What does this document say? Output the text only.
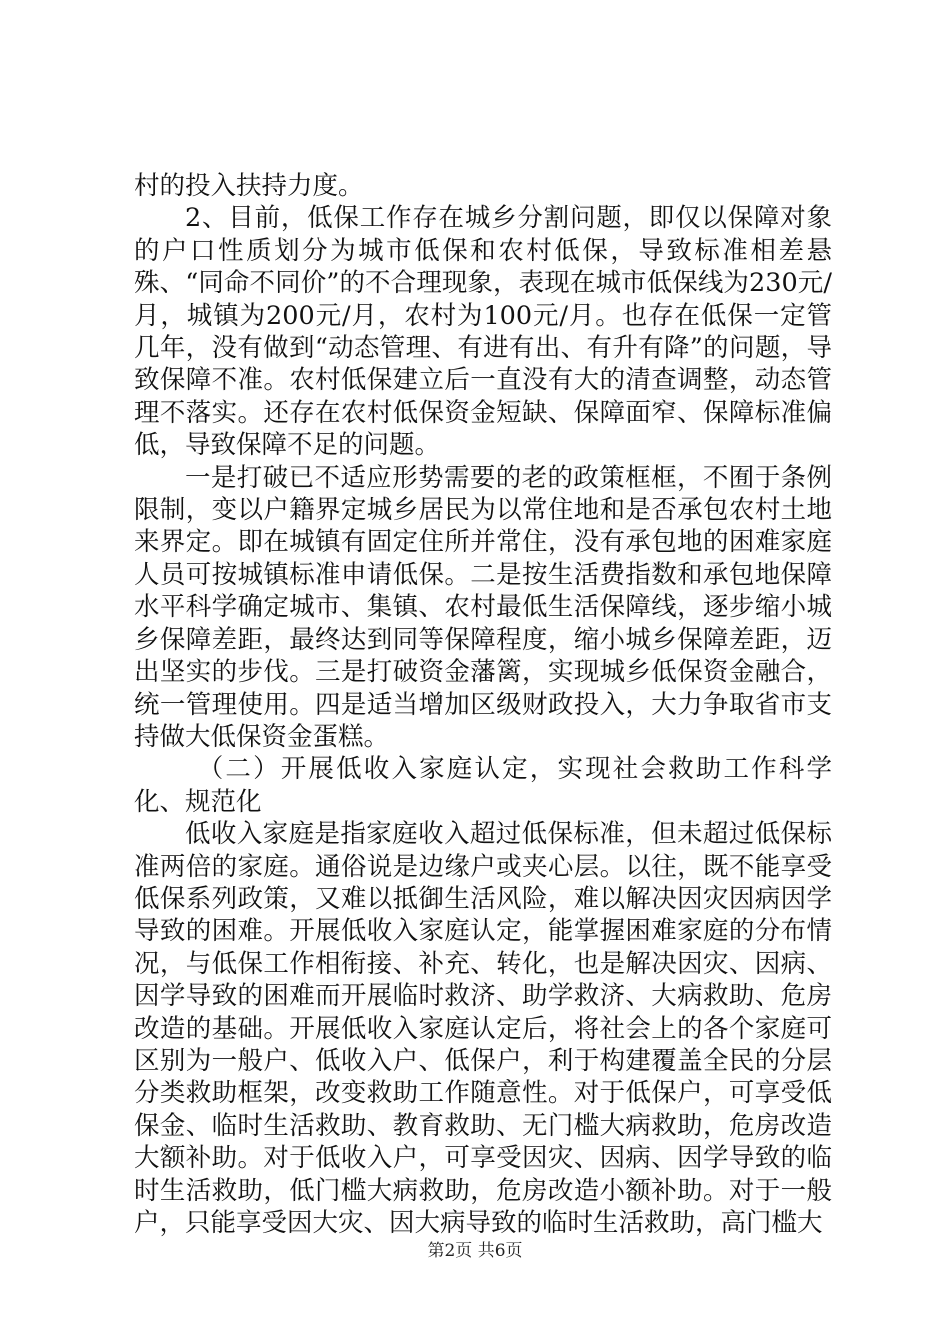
村的投入扶持力度。

2、目前，低保工作存在城乡分割问题，即仅以保障对象的户口性质划分为城市低保和农村低保，导致标准相差悬殊、“同命不同价”的不合理现象，表现在城市低保线为230元/月，城镇为200元/月，农村为100元/月。也存在低保一定管几年，没有做到“动态管理、有进有出、有升有降”的问题，导致保障不准。农村低保建立后一直没有大的清查调整，动态管理不落实。还存在农村低保资金短缺、保障面窄、保障标准偏低，导致保障不足的问题。

一是打破已不适应形势需要的老的政策框框，不囿于条例限制，变以户籍界定城乡居民为以常住地和是否承包农村土地来界定。即在城镇有固定住所并常住，没有承包地的困难家庭人员可按城镇标准申请低保。二是按生活费指数和承包地保障水平科学确定城市、集镇、农村最低生活保障线，逐步缩小城乡保障差距，最终达到同等保障程度，缩小城乡保障差距，迈出坚实的步伐。三是打破资金藩篱，实现城乡低保资金融合，统一管理使用。四是适当增加区级财政投入，大力争取省市支持做大低保资金蛋糕。

（二）开展低收入家庭认定，实现社会救助工作科学化、规范化

低收入家庭是指家庭收入超过低保标准，但未超过低保标准两倍的家庭。通俗说是边缘户或夹心层。以往，既不能享受低保系列政策，又难以抵御生活风险，难以解决因灾因病因学导致的困难。开展低收入家庭认定，能掌握困难家庭的分布情况，与低保工作相衔接、补充、转化，也是解决因灾、因病、因学导致的困难而开展临时救济、助学救济、大病救助、危房改造的基础。开展低收入家庭认定后，将社会上的各个家庭可区别为一般户、低收入户、低保户，利于构建覆盖全民的分层分类救助框架，改变救助工作随意性。对于低保户，可享受低保金、临时生活救助、教育救助、无门槛大病救助，危房改造大额补助。对于低收入户，可享受因灾、因病、因学导致的临时生活救助，低门槛大病救助，危房改造小额补助。对于一般户，只能享受因大灾、因大病导致的临时生活救助，高门槛大

第2页 共6页
